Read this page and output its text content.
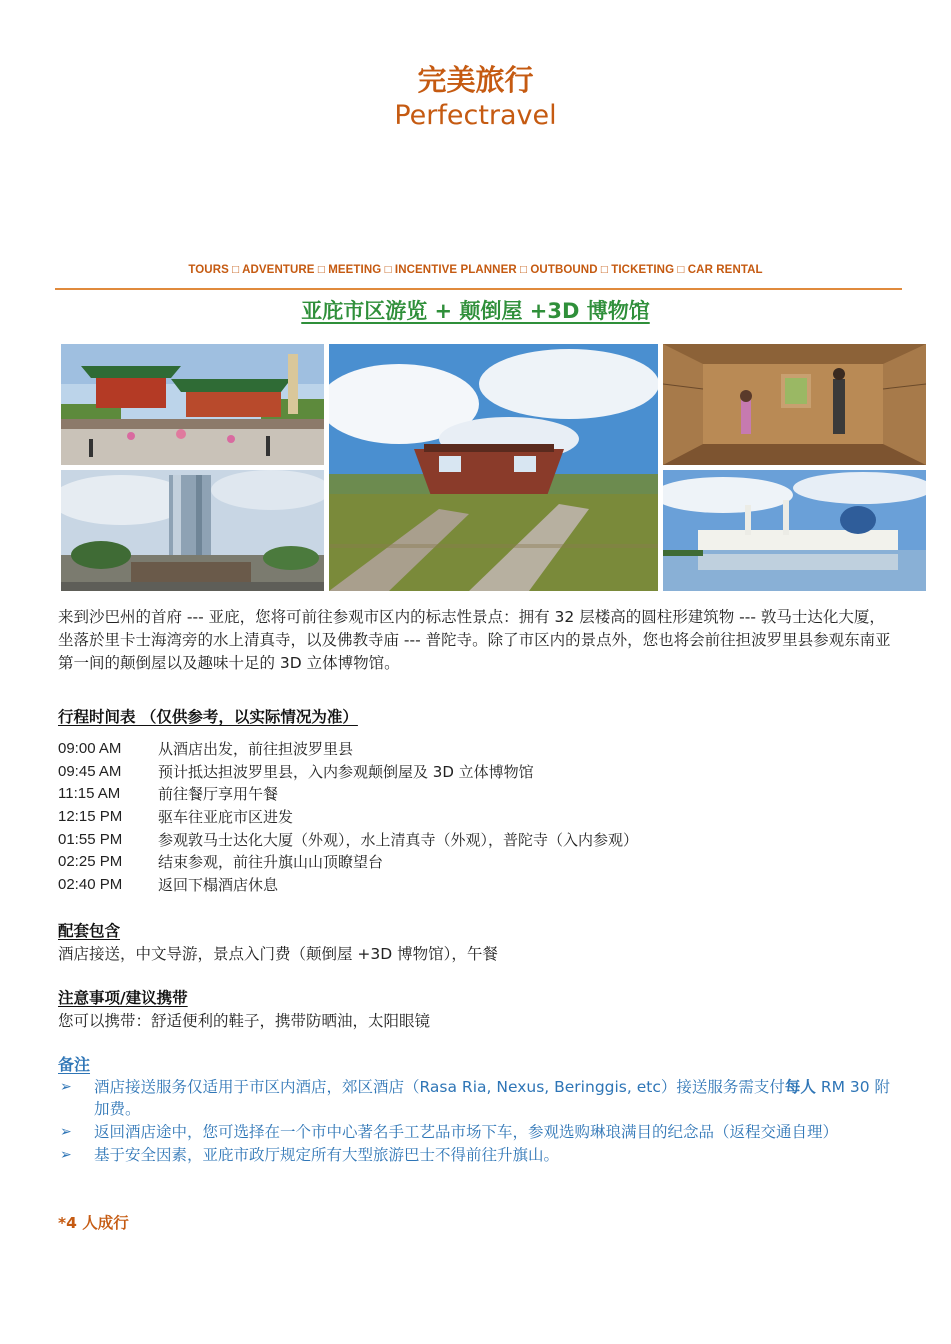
完美旅行
Perfectravel
TOURS □ ADVENTURE □ MEETING □ INCENTIVE PLANNER □ OUTBOUND □ TICKETING □ CAR RENTAL
亚庇市区游览 + 颠倒屋 +3D 博物馆
来到沙巴州的首府 --- 亚庇，您将可前往参观市区内的标志性景点：拥有 32 层楼高的圆柱形建筑物 --- 敦马士达化大厦，坐落於里卡士海湾旁的水上清真寺，以及佛教寺庙 --- 普陀寺。除了市区内的景点外，您也将会前往担波罗里县参观东南亚第一间的颠倒屋以及趣味十足的 3D 立体博物馆。
行程时间表 （仅供参考，以实际情况为准）
09:00 AM	从酒店出发，前往担波罗里县
09:45 AM	预计抵达担波罗里县，入内参观颠倒屋及 3D 立体博物馆
11:15 AM	前往餐厅享用午餐
12:15 PM	驱车往亚庇市区进发
01:55 PM	参观敦马士达化大厦（外观），水上清真寺（外观），普陀寺（入内参观）
02:25 PM	结束参观，前往升旗山山顶瞭望台
02:40 PM	返回下榻酒店休息
配套包含
酒店接送，中文导游，景点入门费（颠倒屋 +3D 博物馆），午餐
注意事项/建议携带
您可以携带：舒适便利的鞋子，携带防晒油，太阳眼镜
备注
➢	酒店接送服务仅适用于市区内酒店，郊区酒店（Rasa Ria, Nexus, Beringgis, etc）接送服务需支付每人 RM 30 附加费。
➢	返回酒店途中，您可选择在一个市中心著名手工艺品市场下车，参观选购琳琅满目的纪念品（返程交通自理）
➢	基于安全因素，亚庇市政厅规定所有大型旅游巴士不得前往升旗山。
*4 人成行
